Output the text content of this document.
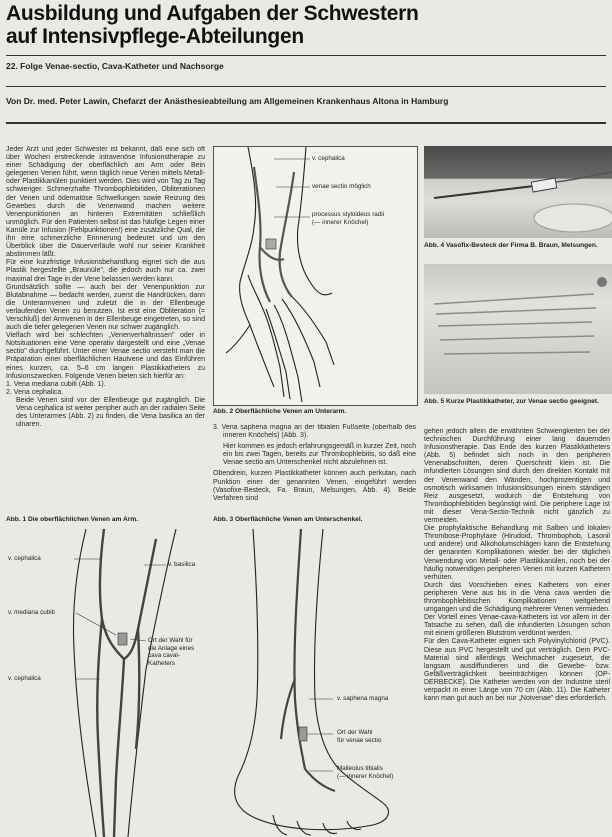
Ausbildung und Aufgaben der Schwestern
auf Intensivpflege-Abteilungen
22. Folge Venae-sectio, Cava-Katheter und Nachsorge
Von Dr. med. Peter Lawin, Chefarzt der Anästhesieabteilung am Allgemeinen Krankenhaus Altona in Hamburg

Jeder Arzt und jeder Schwester ist bekannt, daß eine sich oft über Wochen erstreckende intravenöse Infusionstherapie zu einer Schädigung der oberflächlich am Arm oder Bein gelegenen Venen führt, wenn täglich neue Venen mittels Metall- oder Plastikkanülen punktiert werden. Dies wird von Tag zu Tag schwieriger. Schmerzhafte Thrombophlebitiden, Obliterationen der Venen und ödematöse Schwellungen sowie Reizung des Gewebes durch die Venenwand machen weitere Venenpunktionen an hinteren Extremitäten schließlich unmöglich. Für den Patienten selbst ist das häufige Legen einer Kanüle zur Infusion (Fehlpunktionen!) eine zusätzliche Qual, die ihn eine schmerzliche Erinnerung bedeutet und um den Überblick über die Dauerverläufe wohl nur seiner Krankheit abstimmen läßt.

Für eine kurzfristige Infusionsbehandlung eignet sich die aus Plastik hergestellte „Braunüle", die jedoch auch nur ca. zwei maximal drei Tage in der Vene belassen werden kann.

Grundsätzlich sollte — auch bei der Venenpunktion zur Blutabnahme — bedacht werden, zuerst die Handrücken, dann die Unterarmvenen und zuletzt die in der Ellenbeuge verlaufenden Venen zu benutzen. Ist erst eine Obliteration (= Verschluß) der Armvenen in der Ellenbeuge eingetreten, so sind auch die tiefer gelegenen Venen nur schwer zugänglich.

Vielfach wird bei schlechten „Venenverhältnissen" oder in Notsituationen eine Vene operativ dargestellt und eine „Venae sectio" durchgeführt. Unter einer Venae sectio versteht man die Präparation einer oberflächlichen Hautvene und das Einführen eines kurzen, ca. 5–6 cm langen Plastikkatheters zu Infusionszwecken. Folgende Venen bieten sich hierfür an:

1. Vena mediana cubiti (Abb. 1).

2. Vena cephalica.

Beide Venen sind vor der Ellenbeuge gut zugänglich. Die Vena cephalica ist weiter peripher auch an der radialen Seite des Unterarmes (Abb. 2) zu finden, die Vena basilica an der ulnaren.

v. cephalica
venae sectio möglich
processus styloideus radii
(— innerer Knöchel)
Abb. 2 Oberflächliche Venen am Unterarm.

3. Vena saphena magna an der tibialen Fußseite (oberhalb des inneren Knöchels) (Abb. 3).

Hier kommen es jedoch erfahrungsgemäß in kurzer Zeit, noch ein bis zwei Tagen, bereits zur Thrombophlebitis, so daß eine Venae sectio am Unterschenkel nicht abzulehnen ist.

Obendrein, kurzen Plastikkatheter können auch perkutan, nach Punktion einer der genannten Venen, eingeführt werden (Vasofixe-Besteck, Fa. Braun, Melsungen, Abb. 4). Beide Verfahren sind

Abb. 4 Vasofix-Besteck der Firma B. Braun, Melsungen.
Abb. 5 Kurze Plastikkatheter, zur Venae sectio geeignet.

gehen jedoch allein die erwähnten Schwierigkeiten bei der technischen Durchführung einer lang dauernden Infusionstherapie. Das Ende des kurzen Plastikkatheters (Abb. 5) befindet sich noch in den peripheren Venenabschnitten, deren Querschnitt klein ist. Die infundierten Lösungen sind durch den direkten Kontakt mit der Venenwand den Wänden, hochprozentigen und osmotisch wirksamen Infusionslösungen einem ständigen Reiz ausgesetzt, wodurch die Entstehung von Thrombophlebitiden begünstigt wird. Die periphere Lage ist mit dieser Vena-Sectio-Technik nicht gänzlich zu vermeiden.

Die prophylaktische Behandlung mit Salben und lokalen Thrombose-Prophylaxe (Hirudoid, Thrombophob, Lasonil und andere) und Alkoholumschlägen kann die Entstehung der genannten Komplikationen wieder bei der täglichen Verwendung von Metall- oder Plastikkanülen, noch bei der häufig notwendigen peripheren Venen mit kurzen Kathetern verhüten.

Durch das Vorschieben eines Katheters von einer peripheren Vene aus bis in die Vena cava werden die thrombophlebitischen Komplikationen weitgehend umgangen und die Schädigung mehrerer Venen vermieden. Der Vorteil eines Venae-cava-Katheters ist vor allem in der Tatsache zu sehen, daß die infundierten Lösungen schon mit einem größeren Blutstrom verdünnt werden.

Für den Cava-Katheter eignen sich Polyvinylchlorid (PVC). Diese aus PVC hergestellt und gut verträglich. Dem PVC-Material sind allerdings Weichmacher zugesetzt, die langsam ausdiffundieren und die Gewebe- bzw. Gefäßverträglichkeit beeinträchtigen können (OP-DERBECKE). Die Katheter werden von der Industrie steril verpackt in einer Länge von 70 cm (Abb. 11). Die Katheter kann man gut auch an bei nur „Notvenae" dies erforderlich.

Abb. 1 Die oberflächlichen Venen am Arm.
v. cephalica
v. mediana cubiti
v. cephalica
v. basilica
Ort der Wahl für die Anlage eines cava caval-Katheters
Abb. 3 Oberflächliche Venen am Unterschenkel.
v. saphena magna
Ort der Wahl
für venae sectio
Malleolus tibialis
(— innerer Knöchel)
